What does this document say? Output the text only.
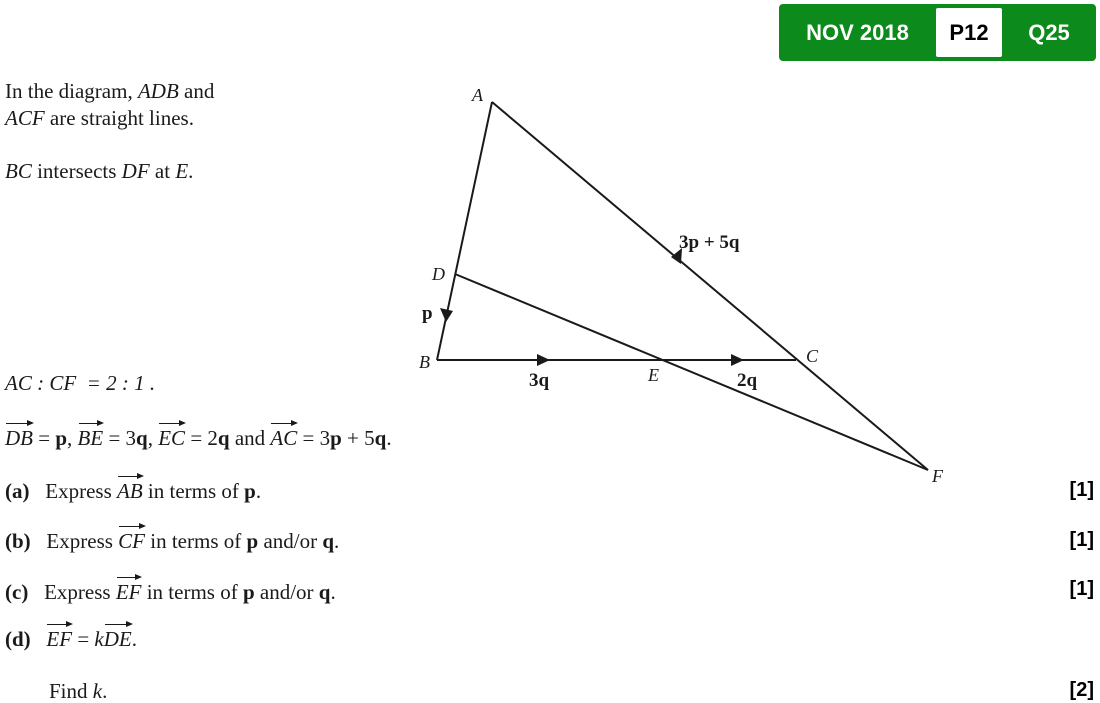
NOV 2018	P12	Q25
In the diagram, ADB and
ACF are straight lines.
BC intersects DF at E.
AC : CF  = 2 : 1 .
DB = p, BE = 3q, EC = 2q and AC = 3p + 5q.
A
D
B	C
E
F
p
3q	2q
3p + 5q
(a) Express AB in terms of p.	[1]
(b) Express CF in terms of p and/or q.	[1]
(c) Express EF in terms of p and/or q.	[1]
(d) EF = kDE.
Find k.	[2]
